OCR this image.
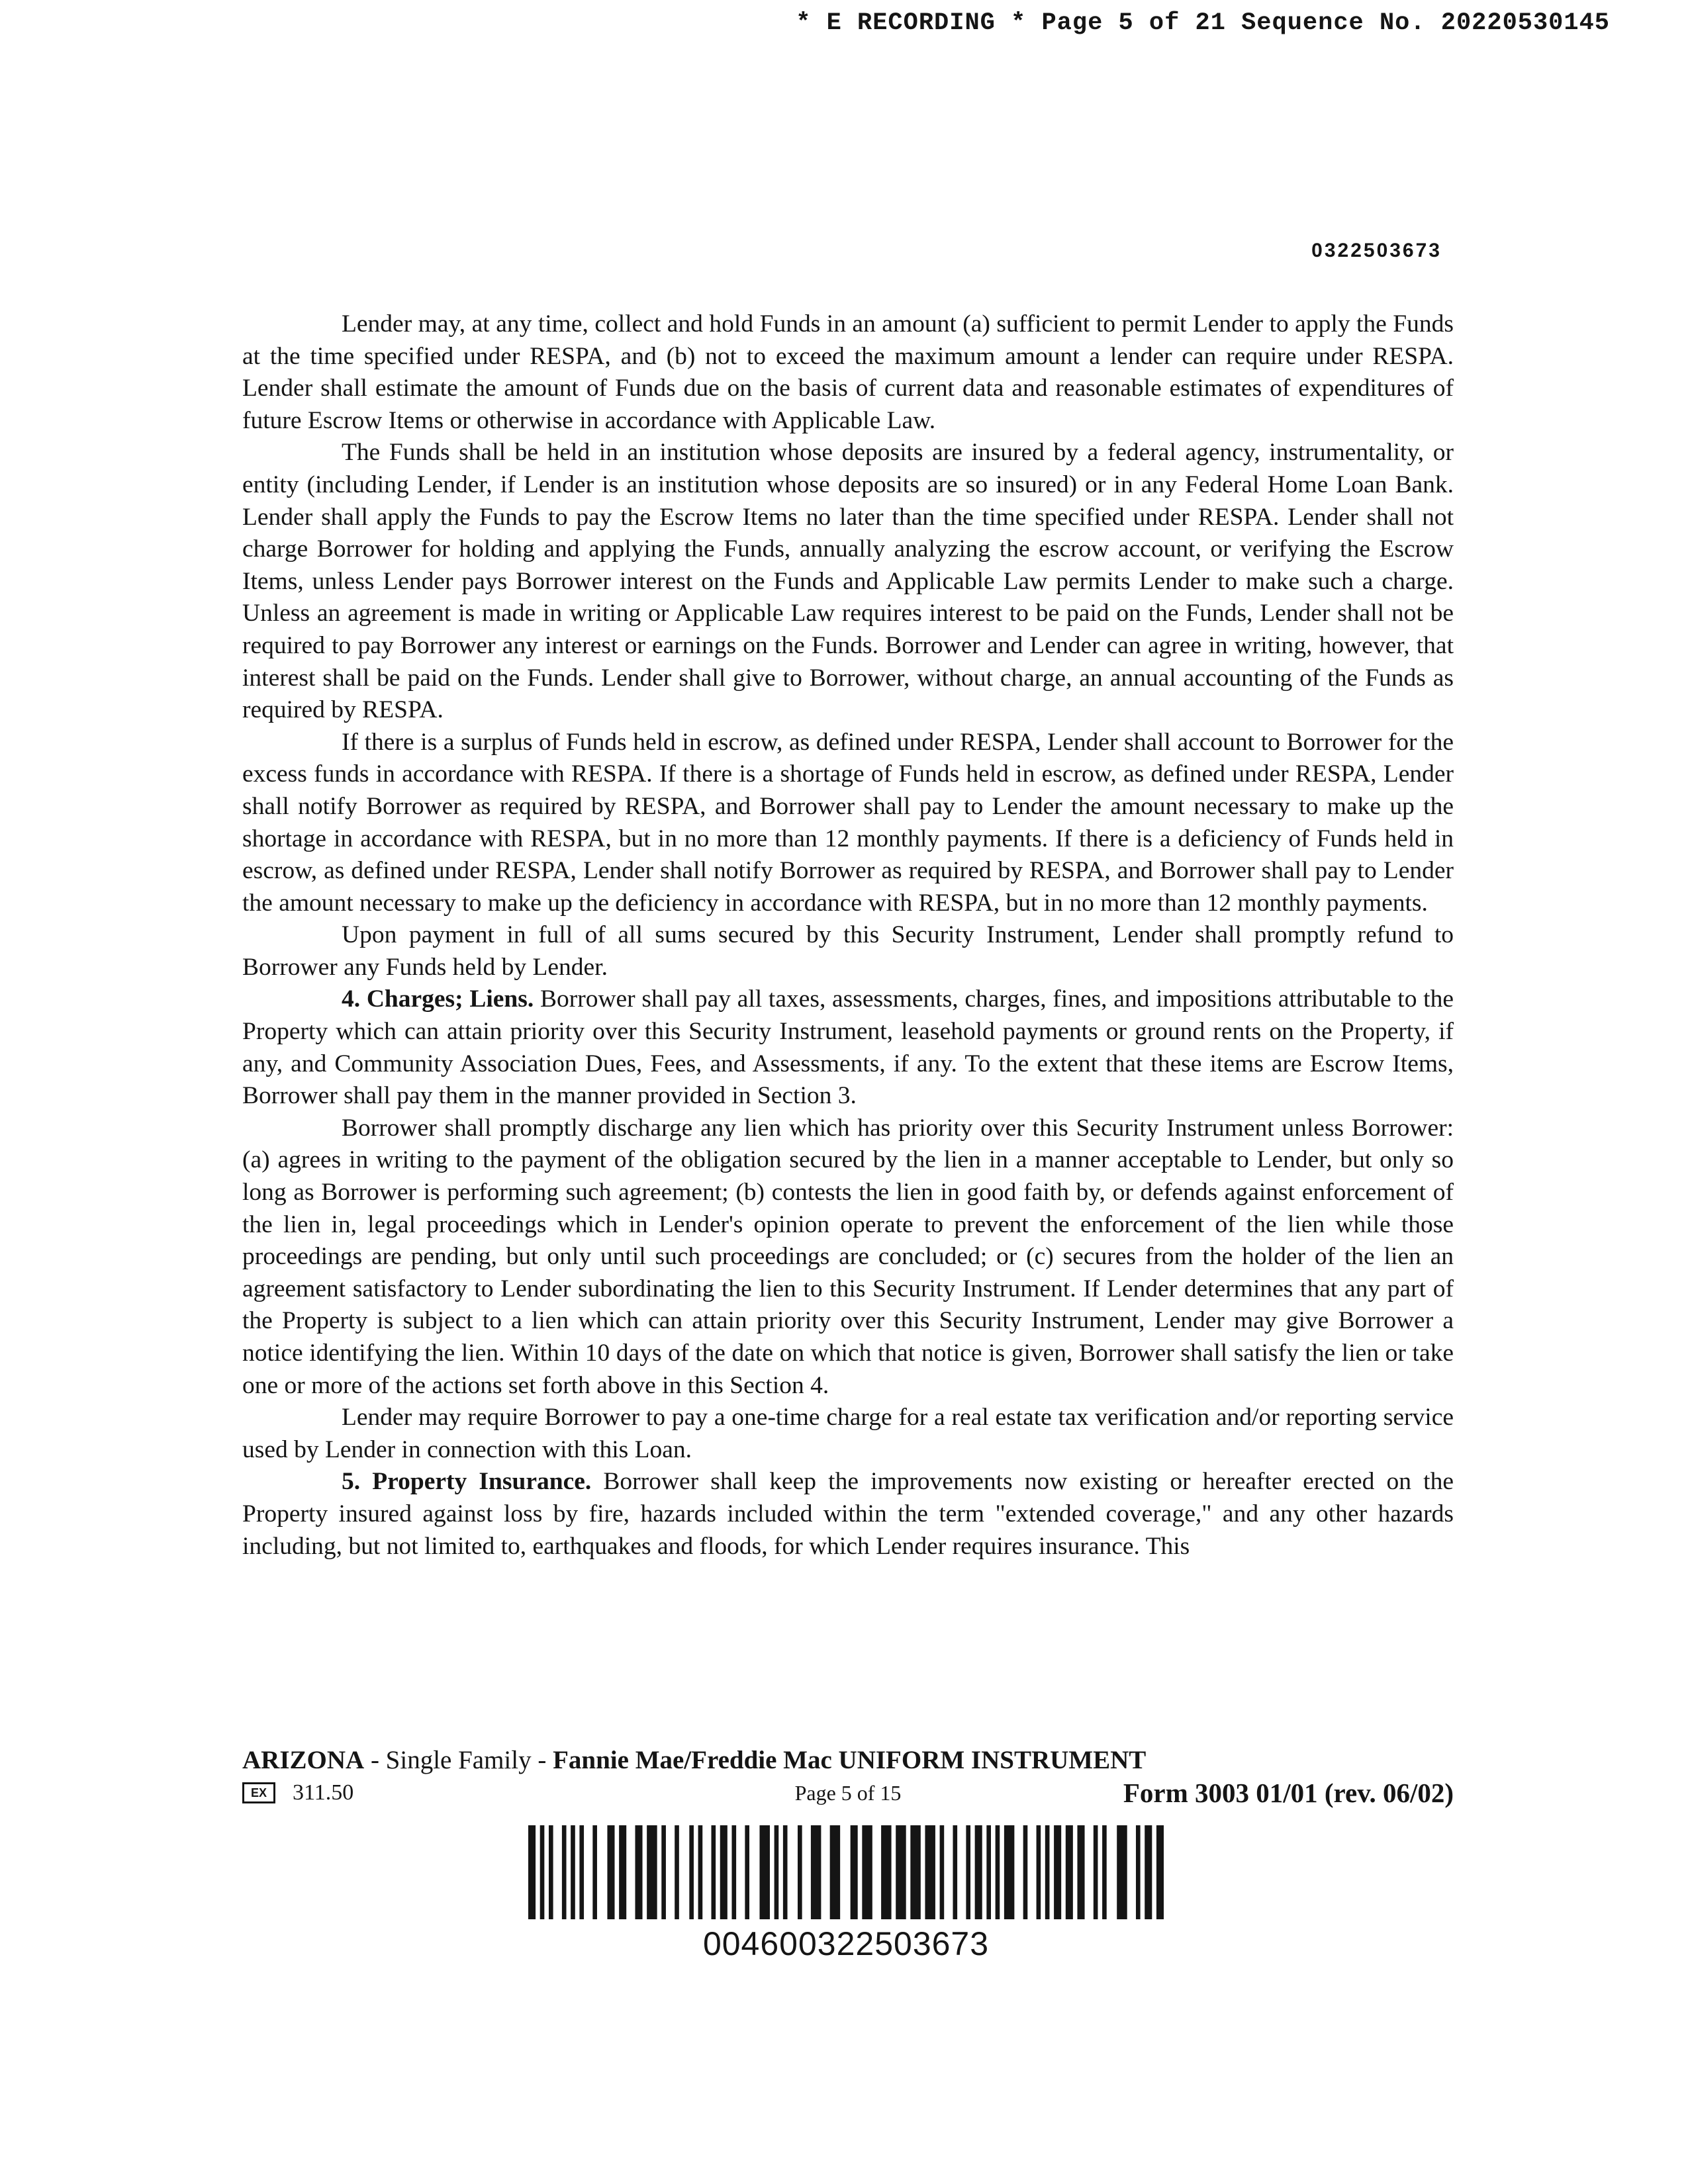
* E RECORDING * Page 5 of 21 Sequence No. 20220530145
0322503673

Lender may, at any time, collect and hold Funds in an amount (a) sufficient to permit Lender to apply the Funds at the time specified under RESPA, and (b) not to exceed the maximum amount a lender can require under RESPA. Lender shall estimate the amount of Funds due on the basis of current data and reasonable estimates of expenditures of future Escrow Items or otherwise in accordance with Applicable Law.

The Funds shall be held in an institution whose deposits are insured by a federal agency, instrumentality, or entity (including Lender, if Lender is an institution whose deposits are so insured) or in any Federal Home Loan Bank. Lender shall apply the Funds to pay the Escrow Items no later than the time specified under RESPA. Lender shall not charge Borrower for holding and applying the Funds, annually analyzing the escrow account, or verifying the Escrow Items, unless Lender pays Borrower interest on the Funds and Applicable Law permits Lender to make such a charge. Unless an agreement is made in writing or Applicable Law requires interest to be paid on the Funds, Lender shall not be required to pay Borrower any interest or earnings on the Funds. Borrower and Lender can agree in writing, however, that interest shall be paid on the Funds. Lender shall give to Borrower, without charge, an annual accounting of the Funds as required by RESPA.

If there is a surplus of Funds held in escrow, as defined under RESPA, Lender shall account to Borrower for the excess funds in accordance with RESPA. If there is a shortage of Funds held in escrow, as defined under RESPA, Lender shall notify Borrower as required by RESPA, and Borrower shall pay to Lender the amount necessary to make up the shortage in accordance with RESPA, but in no more than 12 monthly payments. If there is a deficiency of Funds held in escrow, as defined under RESPA, Lender shall notify Borrower as required by RESPA, and Borrower shall pay to Lender the amount necessary to make up the deficiency in accordance with RESPA, but in no more than 12 monthly payments.

Upon payment in full of all sums secured by this Security Instrument, Lender shall promptly refund to Borrower any Funds held by Lender.

4. Charges; Liens. Borrower shall pay all taxes, assessments, charges, fines, and impositions attributable to the Property which can attain priority over this Security Instrument, leasehold payments or ground rents on the Property, if any, and Community Association Dues, Fees, and Assessments, if any. To the extent that these items are Escrow Items, Borrower shall pay them in the manner provided in Section 3.

Borrower shall promptly discharge any lien which has priority over this Security Instrument unless Borrower: (a) agrees in writing to the payment of the obligation secured by the lien in a manner acceptable to Lender, but only so long as Borrower is performing such agreement; (b) contests the lien in good faith by, or defends against enforcement of the lien in, legal proceedings which in Lender's opinion operate to prevent the enforcement of the lien while those proceedings are pending, but only until such proceedings are concluded; or (c) secures from the holder of the lien an agreement satisfactory to Lender subordinating the lien to this Security Instrument. If Lender determines that any part of the Property is subject to a lien which can attain priority over this Security Instrument, Lender may give Borrower a notice identifying the lien. Within 10 days of the date on which that notice is given, Borrower shall satisfy the lien or take one or more of the actions set forth above in this Section 4.

Lender may require Borrower to pay a one-time charge for a real estate tax verification and/or reporting service used by Lender in connection with this Loan.

5. Property Insurance. Borrower shall keep the improvements now existing or hereafter erected on the Property insured against loss by fire, hazards included within the term "extended coverage," and any other hazards including, but not limited to, earthquakes and floods, for which Lender requires insurance. This

ARIZONA - Single Family - Fannie Mae/Freddie Mac UNIFORM INSTRUMENT
EX	311.50	Page 5 of 15	Form 3003 01/01 (rev. 06/02)
004600322503673
